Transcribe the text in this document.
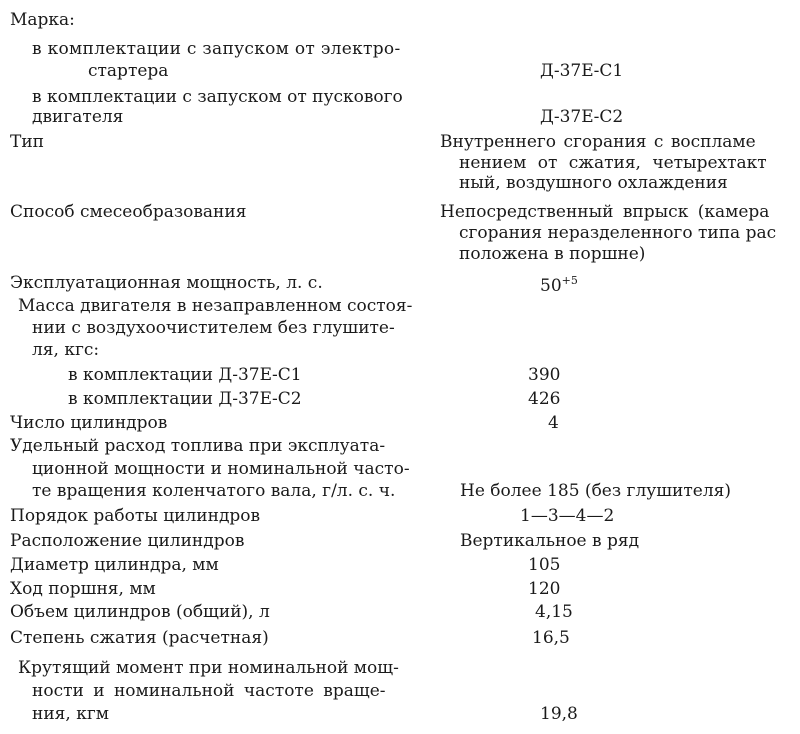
Марка:
в комплектации с запуском от электро-
стартера	Д-37Е-С1
в комплектации с запуском от пускового
двигателя	Д-37Е-С2
Тип	Внутреннего сгорания с воспламе
нением от сжатия, четырехтакт
ный, воздушного охлаждения
Способ смесеобразования	Непосредственный впрыск (камера
сгорания неразделенного типа рас
положена в поршне)
Эксплуатационная мощность, л. с.	$50^{+5}$
Масса двигателя в незаправленном состоя-
нии с воздухоочистителем без глушите-
ля, кгс:
в комплектации Д-37Е-С1	390
в комплектации Д-37Е-С2	426
Число цилиндров	4
Удельный расход топлива при эксплуата-
ционной мощности и номинальной часто-
те вращения коленчатого вала, г/л. с. ч.	Не более 185 (без глушителя)
Порядок работы цилиндров	1—3—4—2
Расположение цилиндров	Вертикальное в ряд
Диаметр цилиндра, мм	105
Ход поршня, мм	120
Объем цилиндров (общий), л	4,15
Степень сжатия (расчетная)	16,5
Крутящий момент при номинальной мощ-
ности и номинальной частоте враще-
ния, кгм	19,8
